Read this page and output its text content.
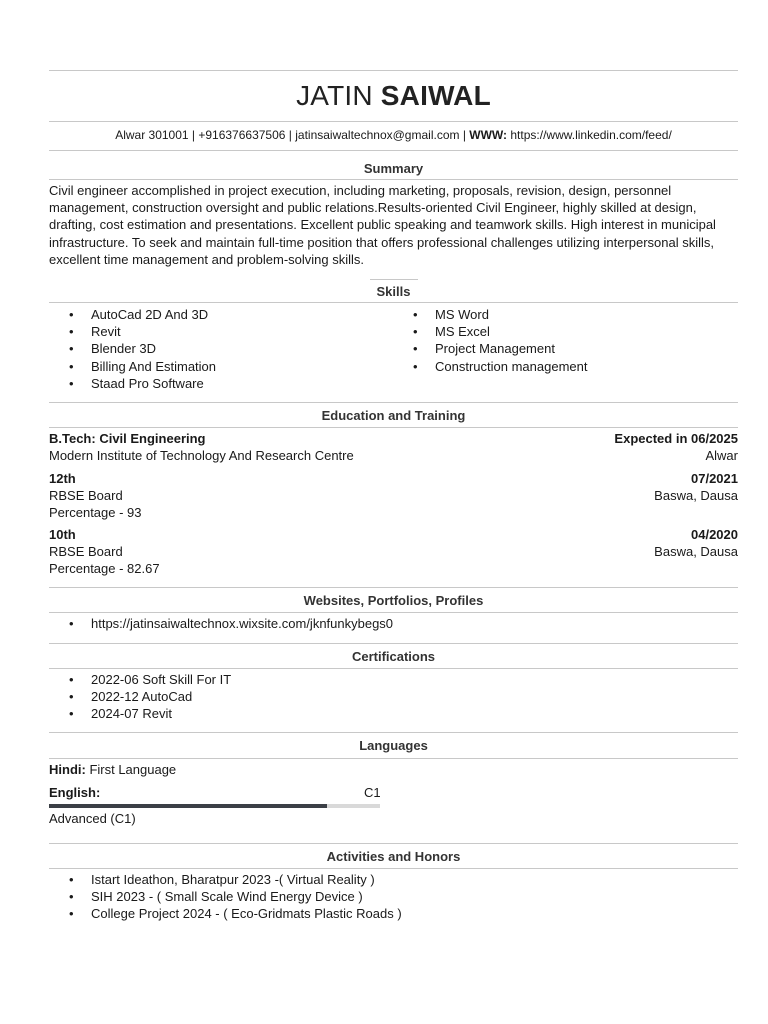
JATIN SAIWAL
Alwar 301001 | +916376637506 | jatinsaiwaltechnox@gmail.com | WWW: https://www.linkedin.com/feed/
Summary
Civil engineer accomplished in project execution, including marketing, proposals, revision, design, personnel management, construction oversight and public relations.Results-oriented Civil Engineer, highly skilled at design, drafting, cost estimation and presentations. Excellent public speaking and teamwork skills. High interest in municipal infrastructure. To seek and maintain full-time position that offers professional challenges utilizing interpersonal skills, excellent time management and problem-solving skills.
Skills
• AutoCad 2D And 3D
• Revit
• Blender 3D
• Billing And Estimation
• Staad Pro Software
• MS Word
• MS Excel
• Project Management
• Construction management
Education and Training
B.Tech: Civil Engineering	Expected in 06/2025
Modern Institute of Technology And Research Centre	Alwar
12th	07/2021
RBSE Board	Baswa, Dausa
Percentage - 93
10th	04/2020
RBSE Board	Baswa, Dausa
Percentage - 82.67
Websites, Portfolios, Profiles
• https://jatinsaiwaltechnox.wixsite.com/jknfunkybegs0
Certifications
• 2022-06 Soft Skill For IT
• 2022-12 AutoCad
• 2024-07 Revit
Languages
Hindi: First Language
English:	C1
Advanced (C1)
Activities and Honors
• Istart Ideathon, Bharatpur 2023 -( Virtual Reality )
• SIH 2023 - ( Small Scale Wind Energy Device )
• College Project 2024 - ( Eco-Gridmats Plastic Roads )
